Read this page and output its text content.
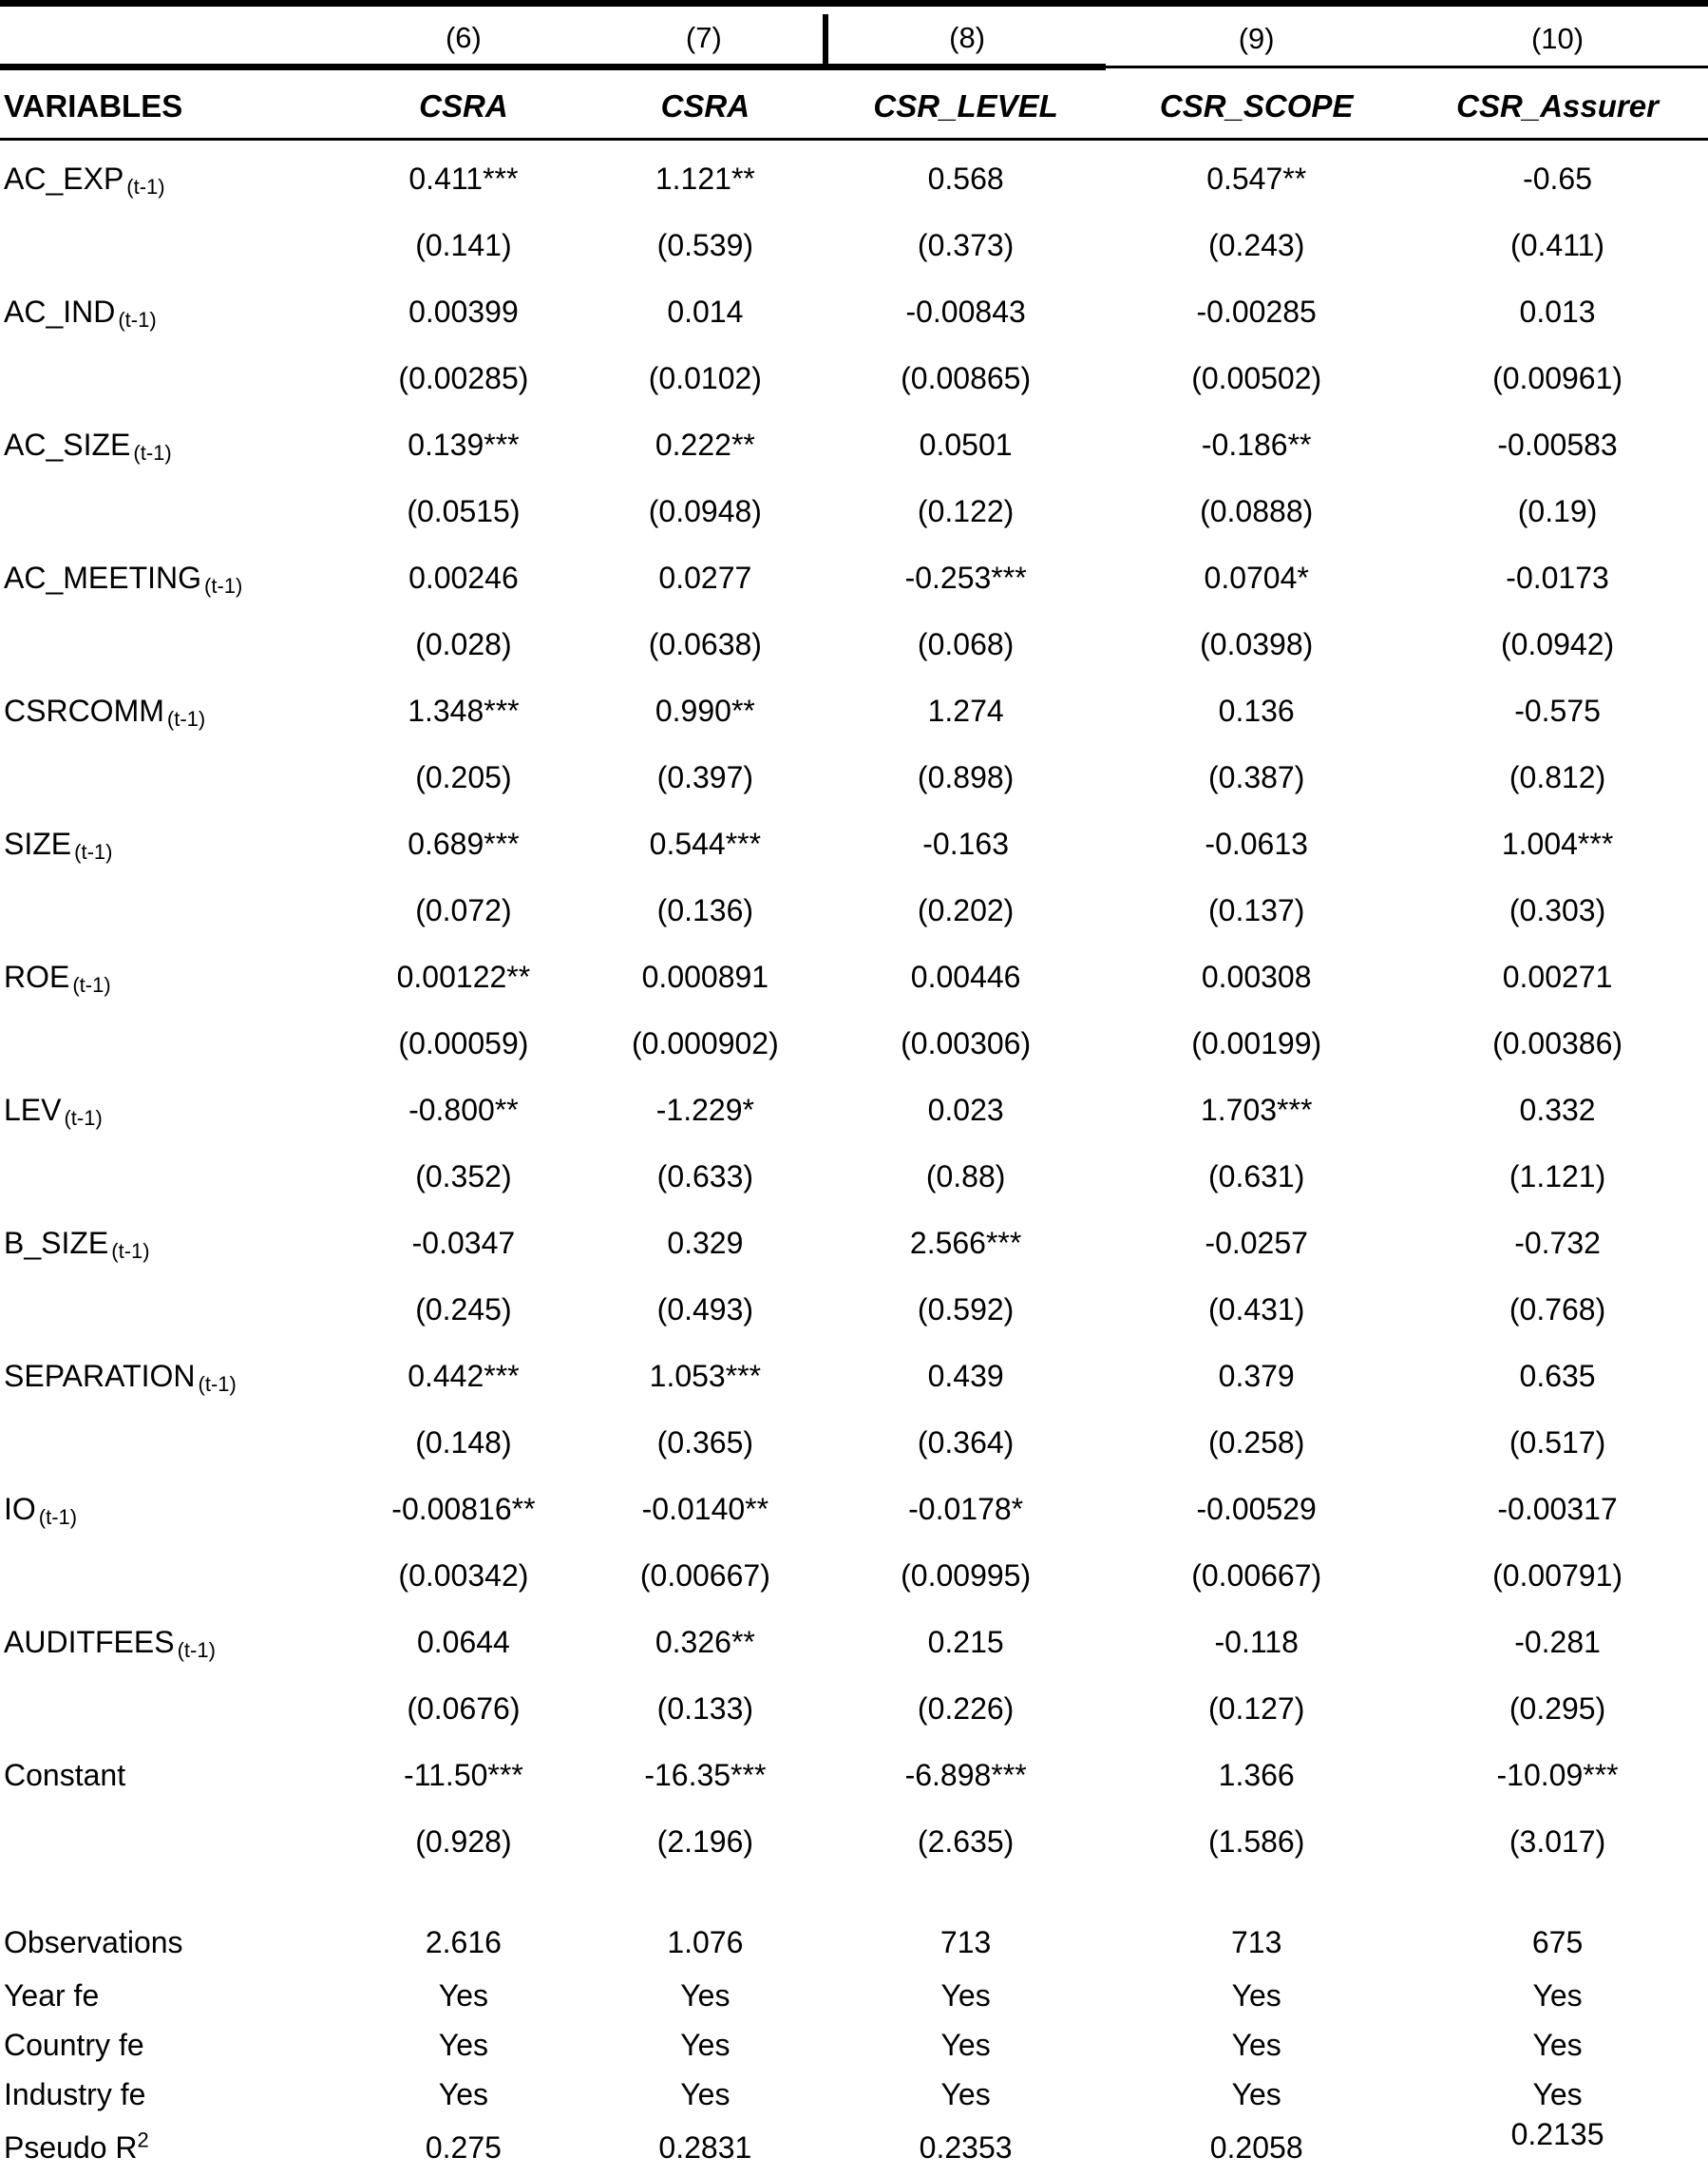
	(6)	(7)	(8)	(9)	(10)

VARIABLES	CSRA	CSRA	CSR_LEVEL	CSR_SCOPE	CSR_Assurer

AC_EXP (t-1)	0.411***	1.121**	0.568	0.547**	-0.65
	(0.141)	(0.539)	(0.373)	(0.243)	(0.411)
AC_IND (t-1)	0.00399	0.014	-0.00843	-0.00285	0.013
	(0.00285)	(0.0102)	(0.00865)	(0.00502)	(0.00961)
AC_SIZE (t-1)	0.139***	0.222**	0.0501	-0.186**	-0.00583
	(0.0515)	(0.0948)	(0.122)	(0.0888)	(0.19)
AC_MEETING (t-1)	0.00246	0.0277	-0.253***	0.0704*	-0.0173
	(0.028)	(0.0638)	(0.068)	(0.0398)	(0.0942)
CSRCOMM (t-1)	1.348***	0.990**	1.274	0.136	-0.575
	(0.205)	(0.397)	(0.898)	(0.387)	(0.812)
SIZE (t-1)	0.689***	0.544***	-0.163	-0.0613	1.004***
	(0.072)	(0.136)	(0.202)	(0.137)	(0.303)
ROE (t-1)	0.00122**	0.000891	0.00446	0.00308	0.00271
	(0.00059)	(0.000902)	(0.00306)	(0.00199)	(0.00386)
LEV (t-1)	-0.800**	-1.229*	0.023	1.703***	0.332
	(0.352)	(0.633)	(0.88)	(0.631)	(1.121)
B_SIZE (t-1)	-0.0347	0.329	2.566***	-0.0257	-0.732
	(0.245)	(0.493)	(0.592)	(0.431)	(0.768)
SEPARATION (t-1)	0.442***	1.053***	0.439	0.379	0.635
	(0.148)	(0.365)	(0.364)	(0.258)	(0.517)
IO (t-1)	-0.00816**	-0.0140**	-0.0178*	-0.00529	-0.00317
	(0.00342)	(0.00667)	(0.00995)	(0.00667)	(0.00791)
AUDITFEES (t-1)	0.0644	0.326**	0.215	-0.118	-0.281
	(0.0676)	(0.133)	(0.226)	(0.127)	(0.295)
Constant	-11.50***	-16.35***	-6.898***	1.366	-10.09***
	(0.928)	(2.196)	(2.635)	(1.586)	(3.017)

Observations	2.616	1.076	713	713	675
Year fe	Yes	Yes	Yes	Yes	Yes
Country fe	Yes	Yes	Yes	Yes	Yes
Industry fe	Yes	Yes	Yes	Yes	Yes
Pseudo $R^2$	0.275	0.2831	0.2353	0.2058	0.2135
